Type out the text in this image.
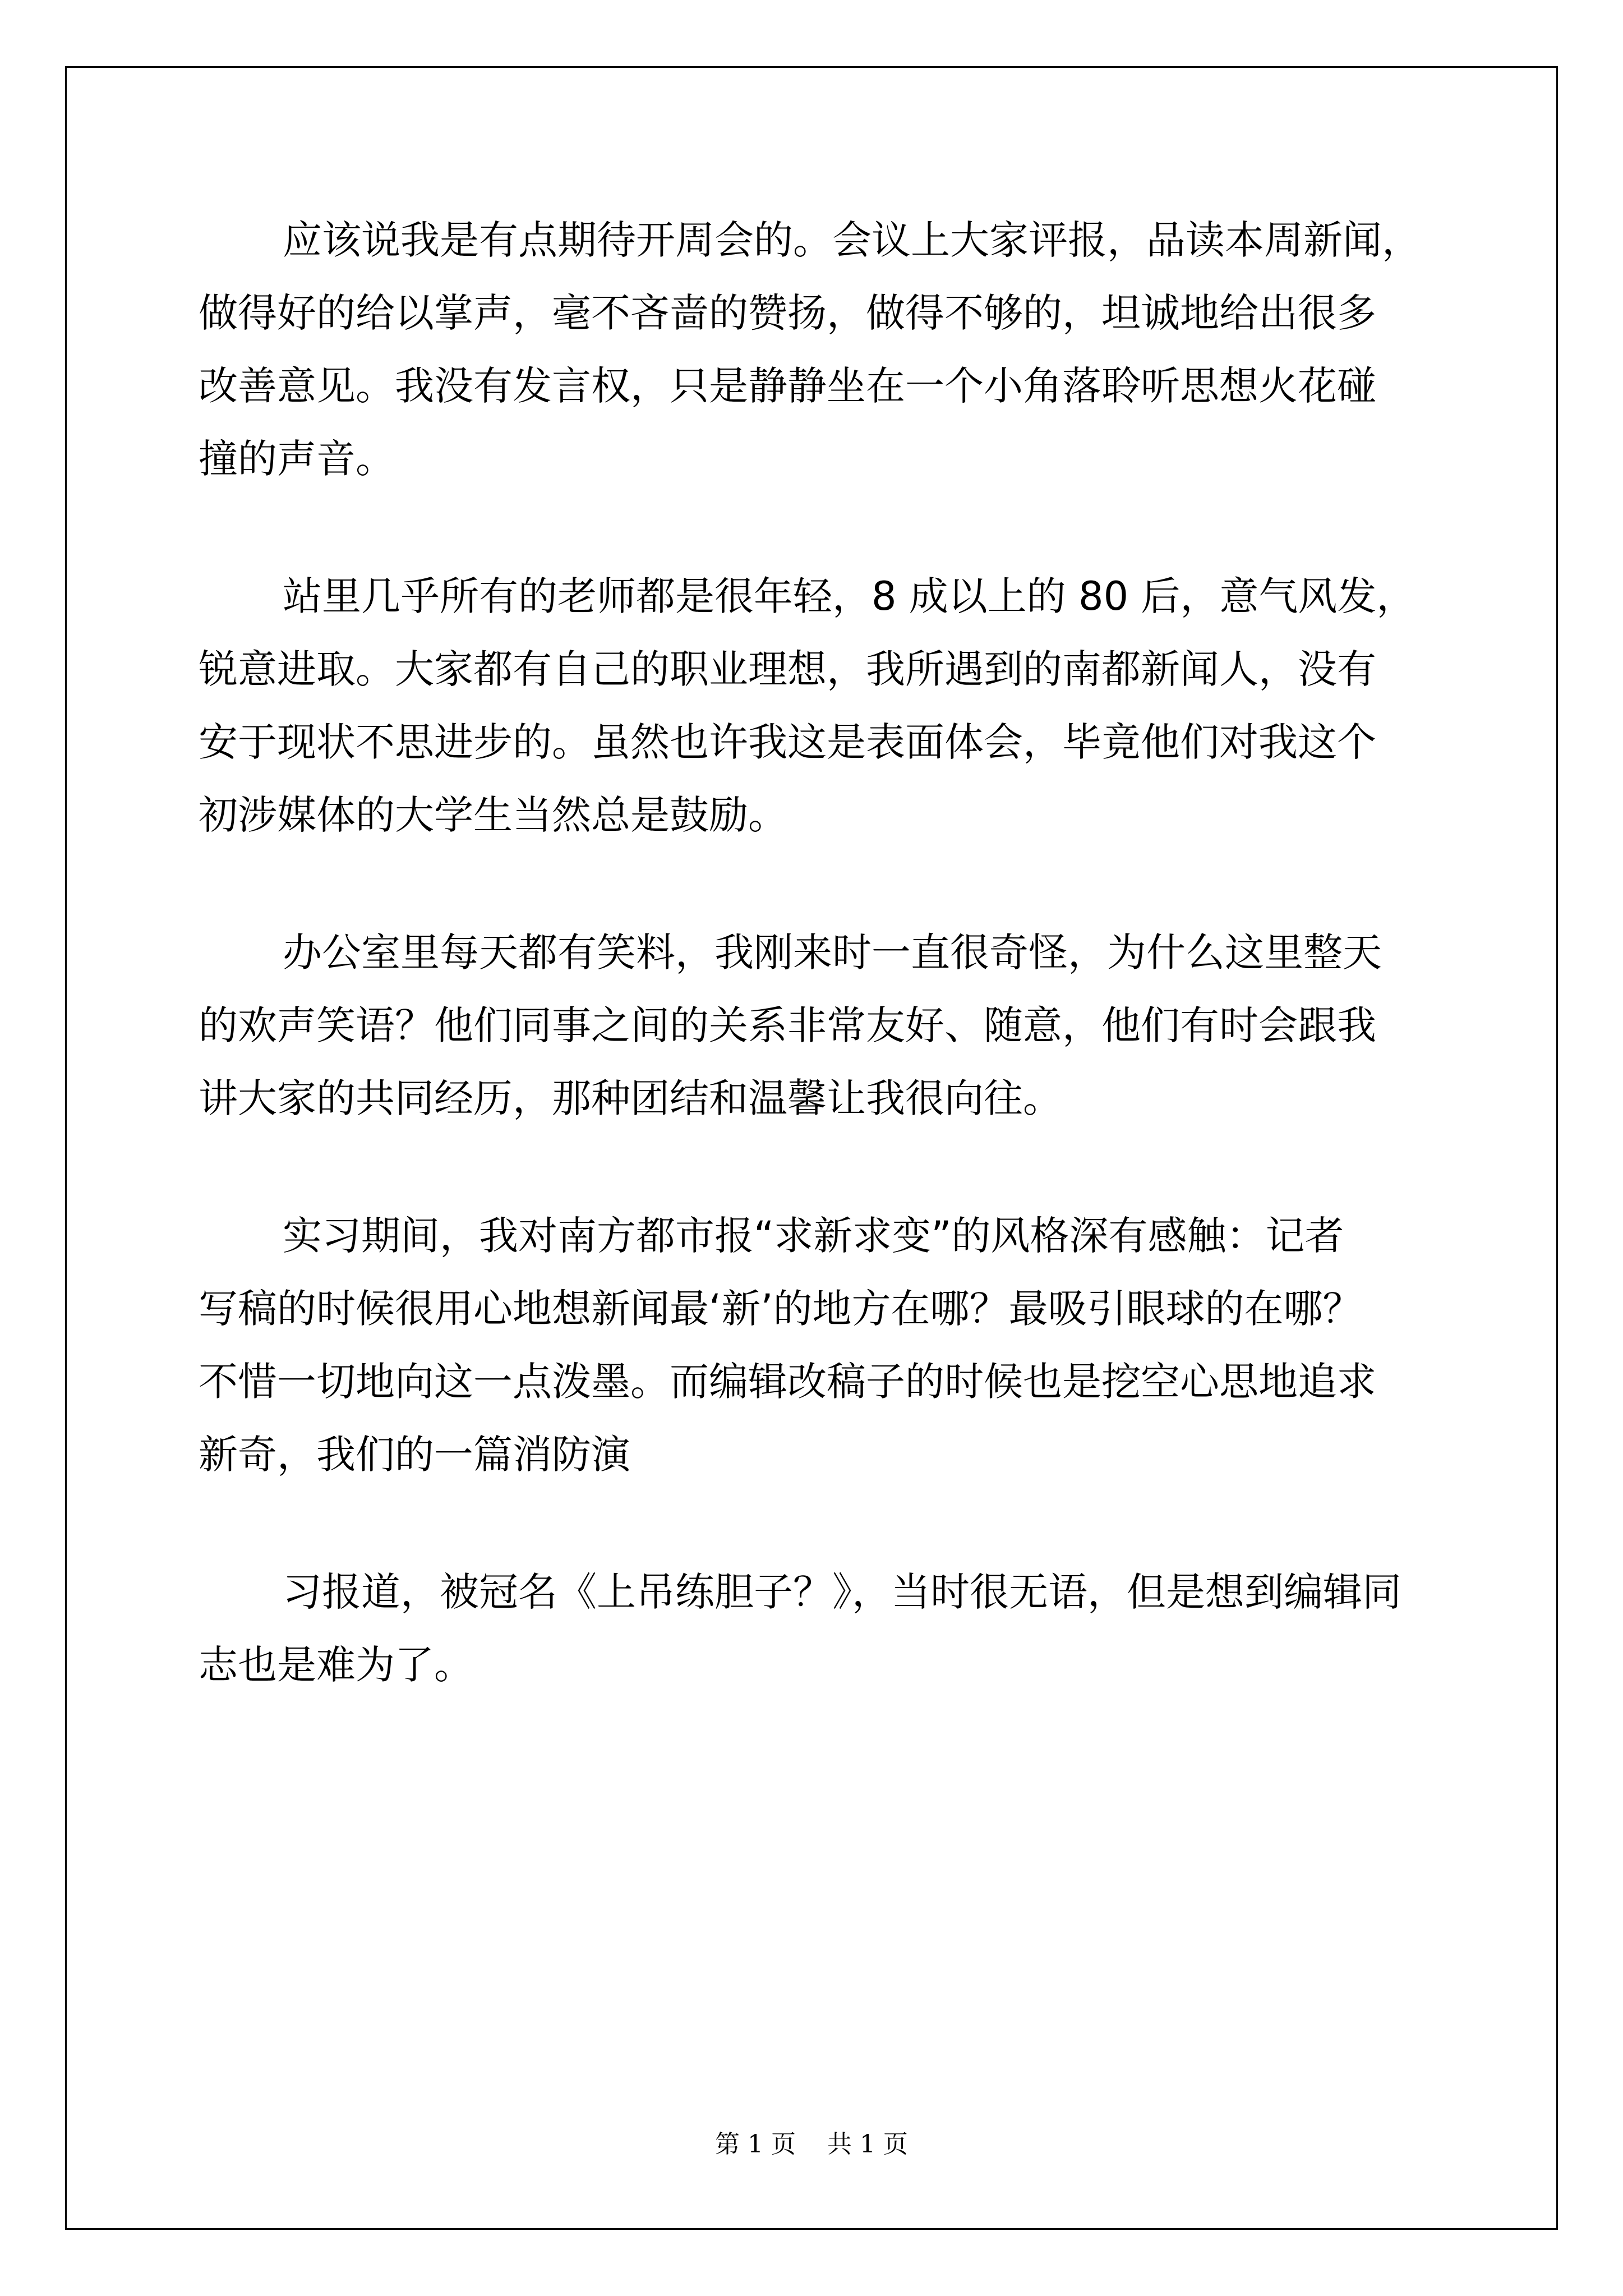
应该说我是有点期待开周会的。会议上大家评报，品读本周新闻，
做得好的给以掌声，毫不吝啬的赞扬，做得不够的，坦诚地给出很多
改善意见。我没有发言权，只是静静坐在一个小角落聆听思想火花碰
撞的声音。
站里几乎所有的老师都是很年轻，8 成以上的 80 后，意气风发，
锐意进取。大家都有自己的职业理想，我所遇到的南都新闻人，没有
安于现状不思进步的。虽然也许我这是表面体会，毕竟他们对我这个
初涉媒体的大学生当然总是鼓励。
办公室里每天都有笑料，我刚来时一直很奇怪，为什么这里整天
的欢声笑语？他们同事之间的关系非常友好、随意，他们有时会跟我
讲大家的共同经历，那种团结和温馨让我很向往。
实习期间，我对南方都市报“求新求变”的风格深有感触：记者
写稿的时候很用心地想新闻最‘新’的地方在哪？最吸引眼球的在哪？
不惜一切地向这一点泼墨。而编辑改稿子的时候也是挖空心思地追求
新奇，我们的一篇消防演
习报道，被冠名《上吊练胆子？》，当时很无语，但是想到编辑同
志也是难为了。
第 1 页    共 1 页
